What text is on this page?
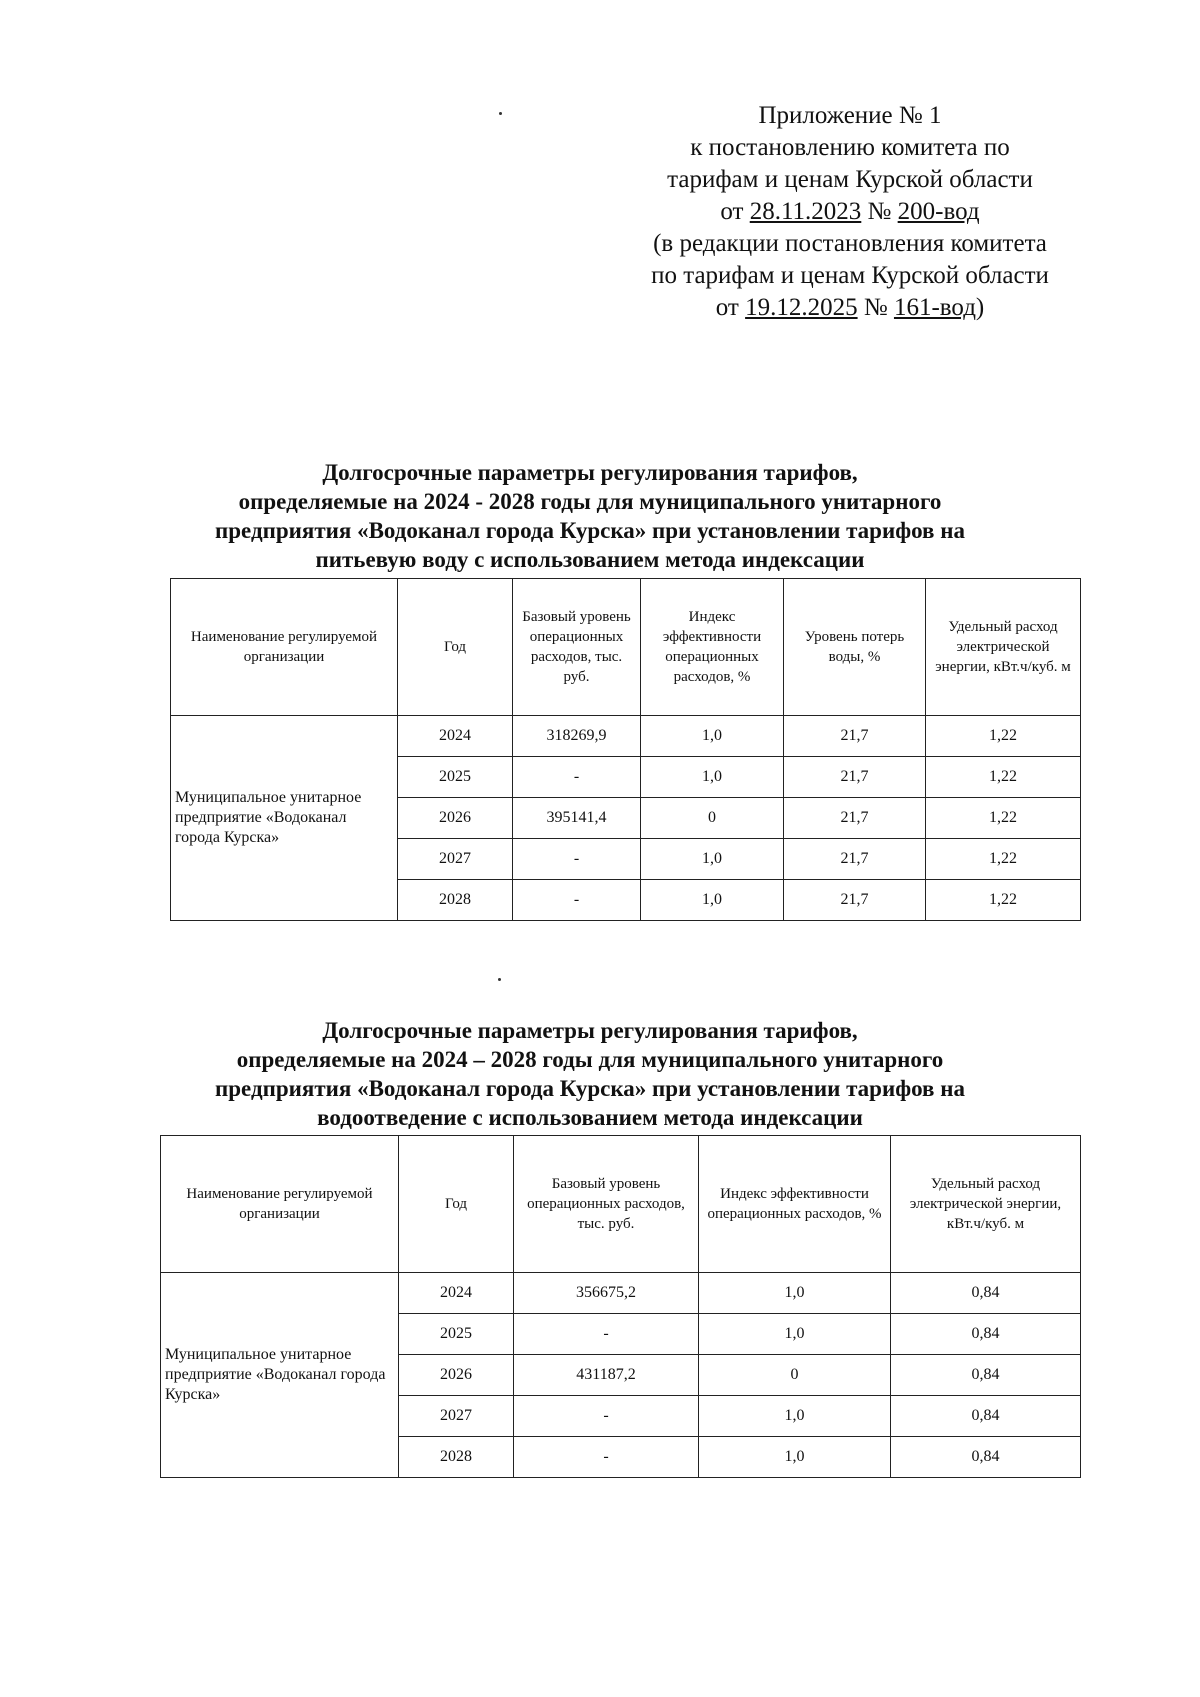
Приложение № 1
к постановлению комитета по
тарифам и ценам Курской области
от 28.11.2023 № 200-вод
(в редакции постановления комитета
по тарифам и ценам Курской области
от 19.12.2025 № 161-вод)
Долгосрочные параметры регулирования тарифов,
определяемые на 2024 - 2028 годы для муниципального унитарного
предприятия «Водоканал города Курска» при установлении тарифов на
питьевую воду с использованием метода индексации
Наименование регулируемой организации	Год	Базовый уровень операционных расходов, тыс. руб.	Индекс эффективности операционных расходов, %	Уровень потерь воды, %	Удельный расход электрической энергии, кВт.ч/куб. м
Муниципальное унитарное предприятие «Водоканал города Курска»	2024	318269,9	1,0	21,7	1,22
	2025	-	1,0	21,7	1,22
	2026	395141,4	0	21,7	1,22
	2027	-	1,0	21,7	1,22
	2028	-	1,0	21,7	1,22
Долгосрочные параметры регулирования тарифов,
определяемые на 2024 – 2028 годы для муниципального унитарного
предприятия «Водоканал города Курска» при установлении тарифов на
водоотведение с использованием метода индексации
Наименование регулируемой организации	Год	Базовый уровень операционных расходов, тыс. руб.	Индекс эффективности операционных расходов, %	Удельный расход электрической энергии, кВт.ч/куб. м
Муниципальное унитарное предприятие «Водоканал города Курска»	2024	356675,2	1,0	0,84
	2025	-	1,0	0,84
	2026	431187,2	0	0,84
	2027	-	1,0	0,84
	2028	-	1,0	0,84
